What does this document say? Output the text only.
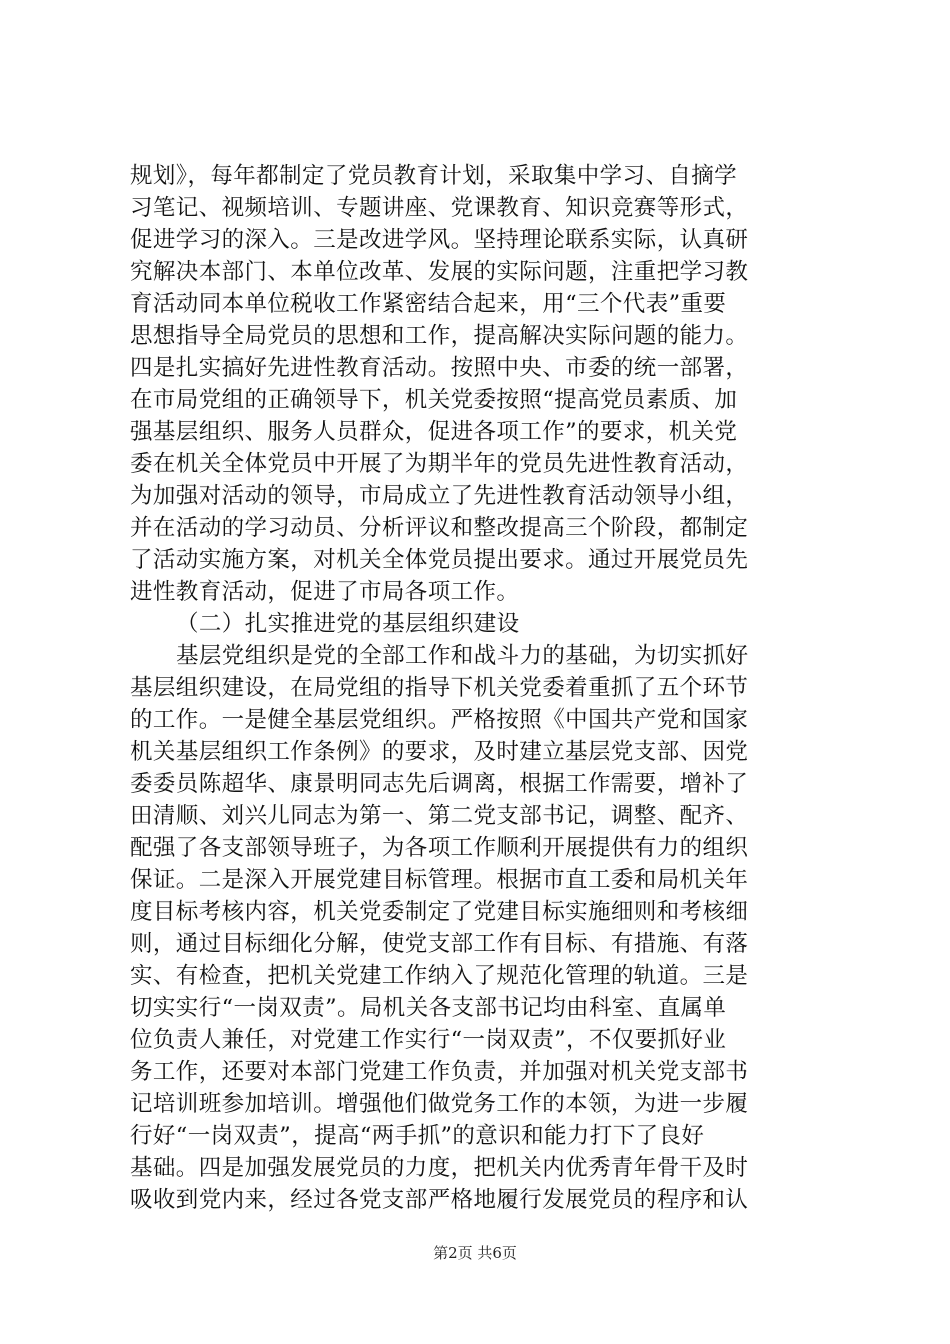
规划》，每年都制定了党员教育计划，采取集中学习、自摘学
习笔记、视频培训、专题讲座、党课教育、知识竞赛等形式，
促进学习的深入。三是改进学风。坚持理论联系实际，认真研
究解决本部门、本单位改革、发展的实际问题，注重把学习教
育活动同本单位税收工作紧密结合起来，用“三个代表”重要
思想指导全局党员的思想和工作，提高解决实际问题的能力。
四是扎实搞好先进性教育活动。按照中央、市委的统一部署，
在市局党组的正确领导下，机关党委按照“提高党员素质、加
强基层组织、服务人员群众，促进各项工作”的要求，机关党
委在机关全体党员中开展了为期半年的党员先进性教育活动，
为加强对活动的领导，市局成立了先进性教育活动领导小组，
并在活动的学习动员、分析评议和整改提高三个阶段，都制定
了活动实施方案，对机关全体党员提出要求。通过开展党员先
进性教育活动，促进了市局各项工作。
（二）扎实推进党的基层组织建设
基层党组织是党的全部工作和战斗力的基础，为切实抓好
基层组织建设，在局党组的指导下机关党委着重抓了五个环节
的工作。一是健全基层党组织。严格按照《中国共产党和国家
机关基层组织工作条例》的要求，及时建立基层党支部、因党
委委员陈超华、康景明同志先后调离，根据工作需要，增补了
田清顺、刘兴儿同志为第一、第二党支部书记，调整、配齐、
配强了各支部领导班子，为各项工作顺利开展提供有力的组织
保证。二是深入开展党建目标管理。根据市直工委和局机关年
度目标考核内容，机关党委制定了党建目标实施细则和考核细
则，通过目标细化分解，使党支部工作有目标、有措施、有落
实、有检查，把机关党建工作纳入了规范化管理的轨道。三是
切实实行“一岗双责”。局机关各支部书记均由科室、直属单
位负责人兼任，对党建工作实行“一岗双责”，不仅要抓好业
务工作，还要对本部门党建工作负责，并加强对机关党支部书
记培训班参加培训。增强他们做党务工作的本领，为进一步履
行好“一岗双责”，提高“两手抓”的意识和能力打下了良好
基础。四是加强发展党员的力度，把机关内优秀青年骨干及时
吸收到党内来，经过各党支部严格地履行发展党员的程序和认
第2页 共6页
